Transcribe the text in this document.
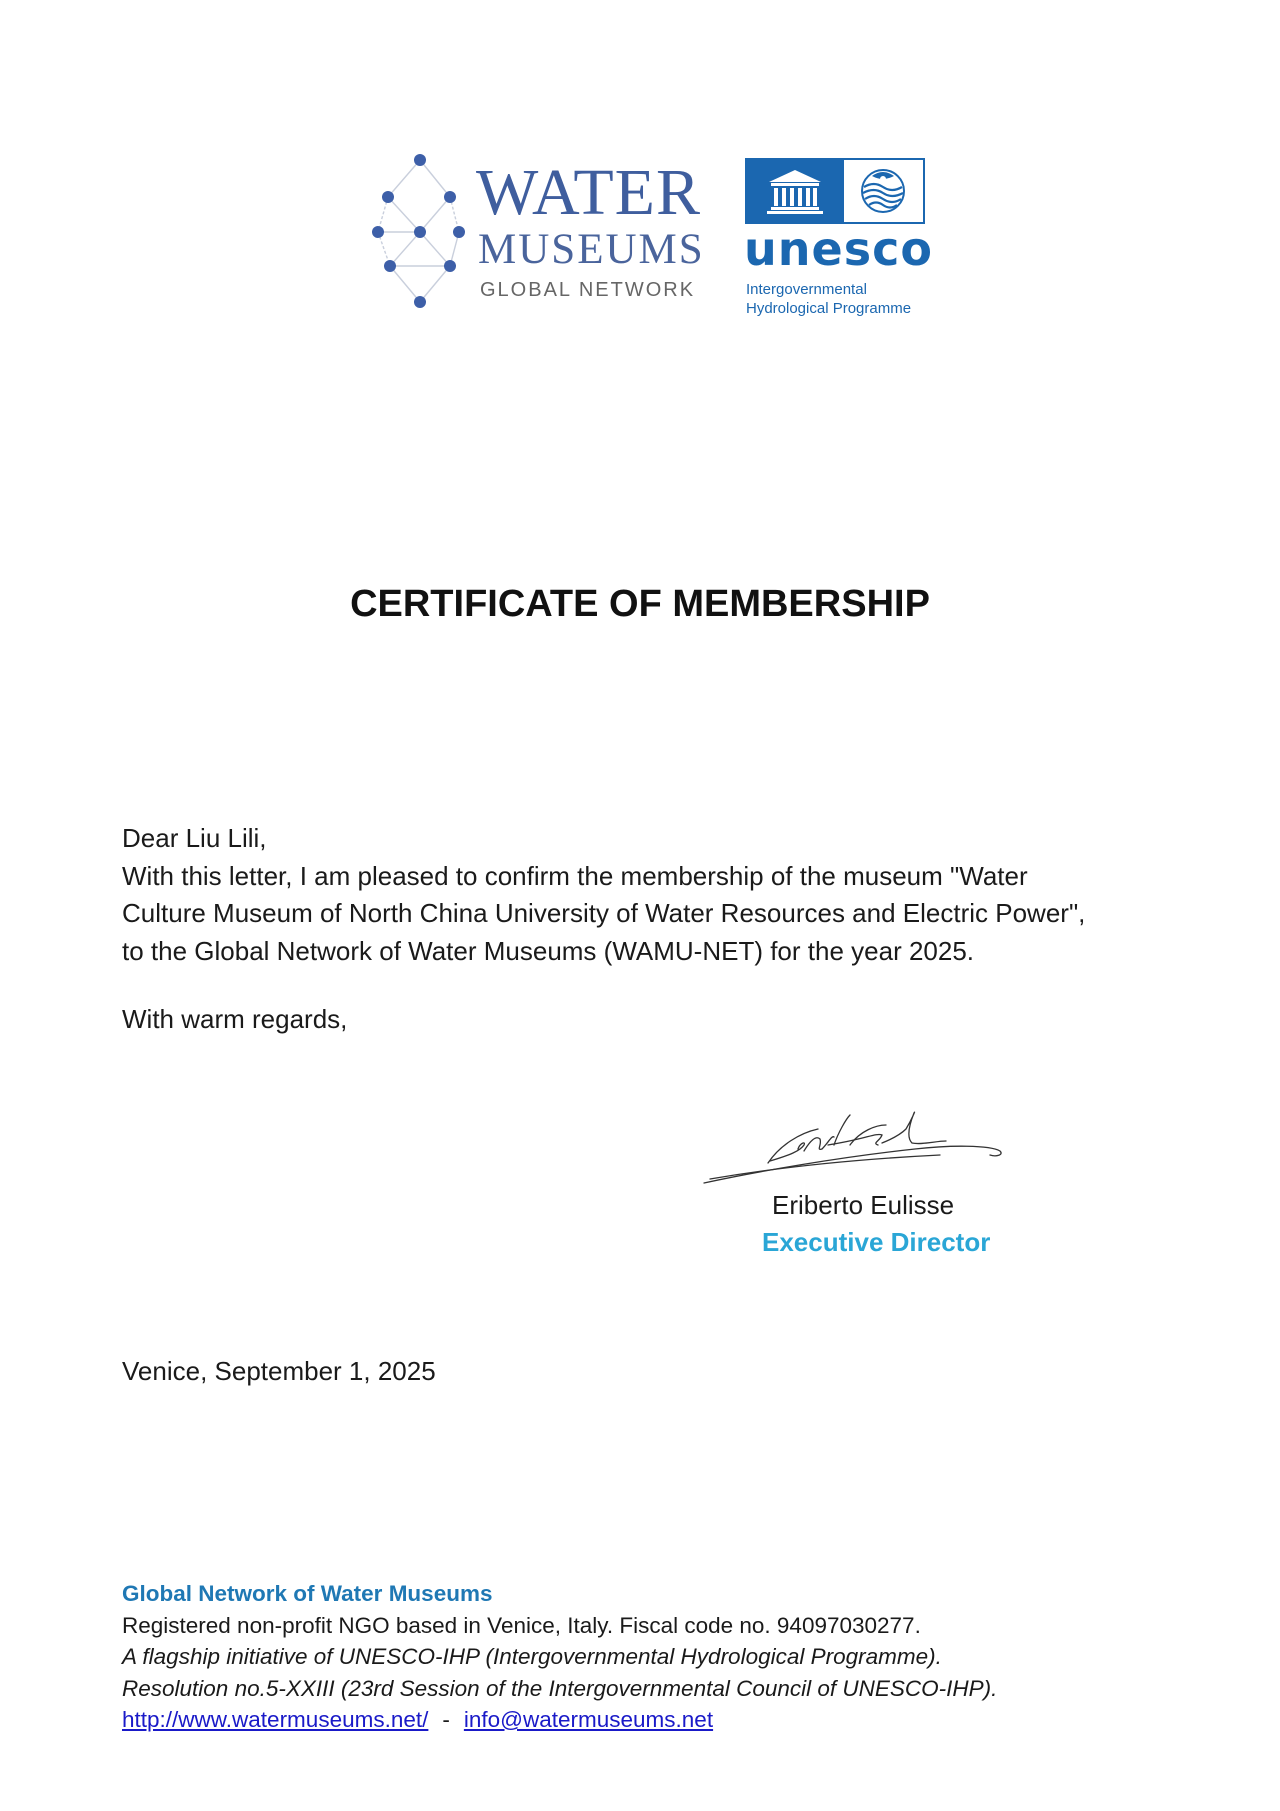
WATER
MUSEUMS
GLOBAL NETWORK
unesco
Intergovernmental
Hydrological Programme
CERTIFICATE OF MEMBERSHIP

Dear Liu Lili,

With this letter, I am pleased to confirm the membership of the museum "Water

Culture Museum of North China University of Water Resources and Electric Power",

to the Global Network of Water Museums (WAMU-NET) for the year 2025.

With warm regards,
Eriberto Eulisse
Executive Director
Venice, September 1, 2025
Global Network of Water Museums
Registered non-profit NGO based in Venice, Italy. Fiscal code no. 94097030277.
A flagship initiative of UNESCO-IHP (Intergovernmental Hydrological Programme).
Resolution no.5-XXIII (23rd Session of the Intergovernmental Council of UNESCO-IHP).
http://www.watermuseums.net/ - info@watermuseums.net
